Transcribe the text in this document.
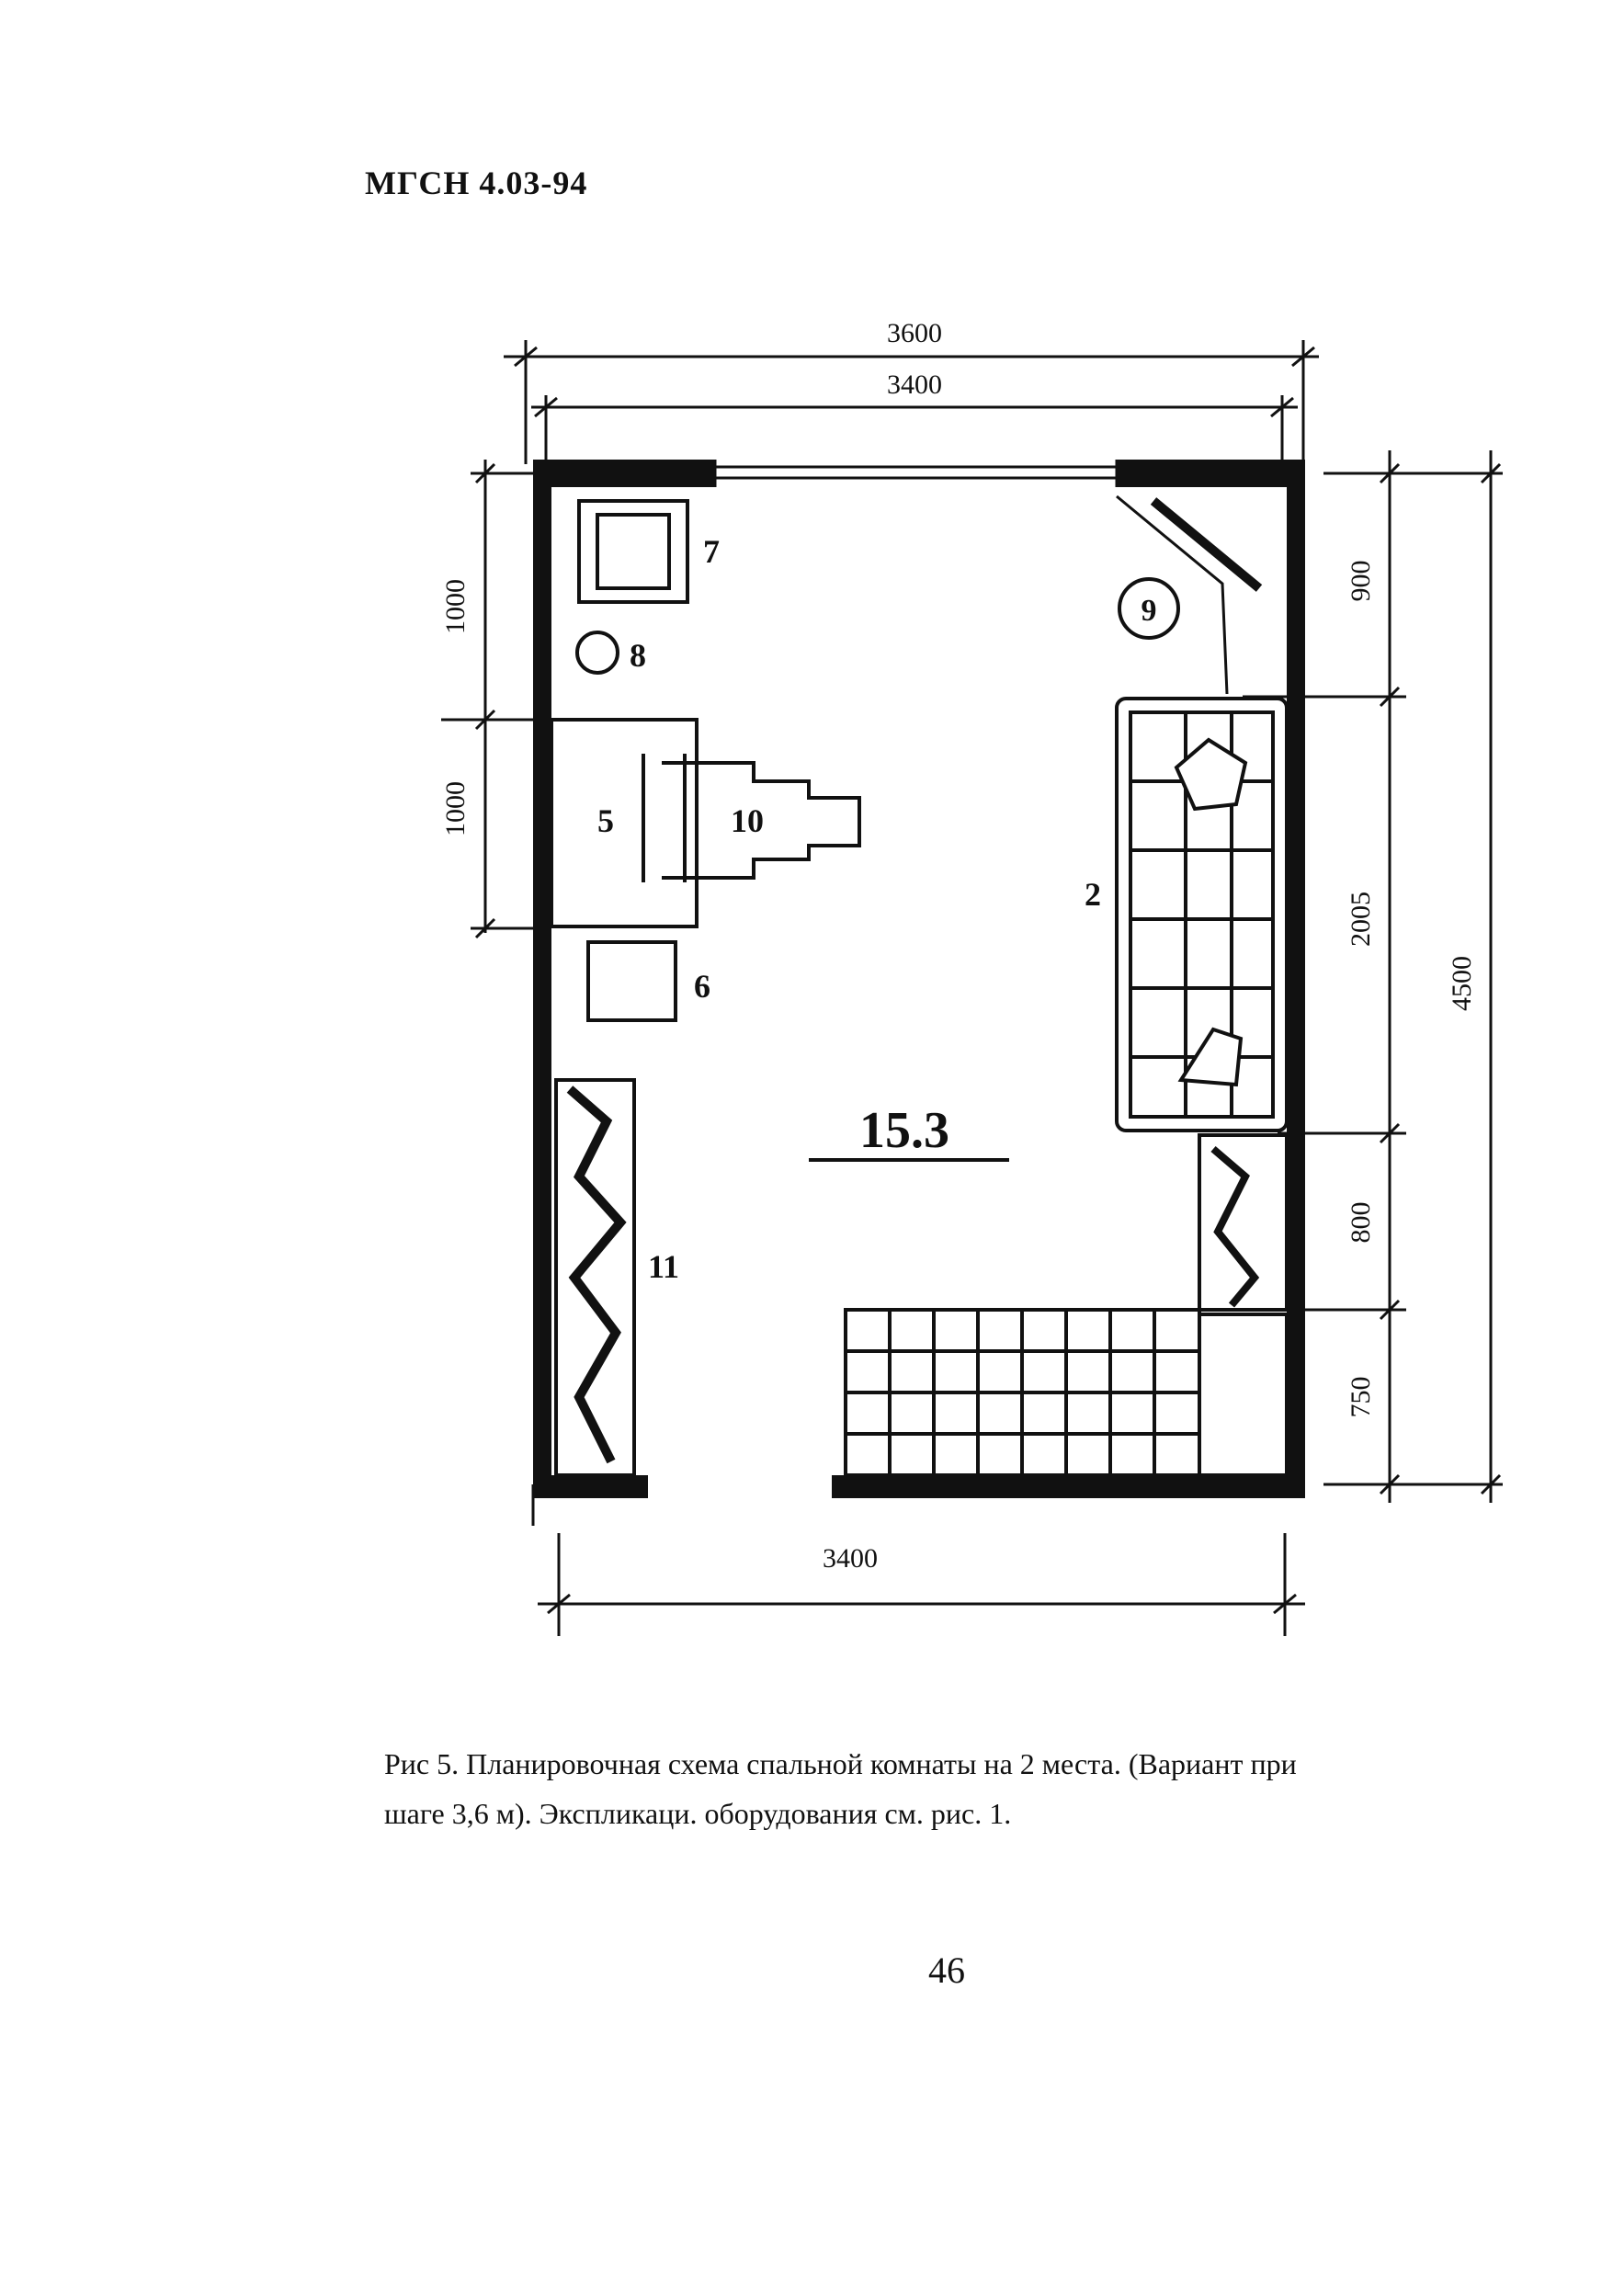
МГСН 4.03-94
3600
3400
3400
1000
1000
900
2005
800
750
4500
2
5
6
7
8
9
10
11
15.3
Рис 5. Планировочная схема спальной комнаты на 2 места. (Вариант при
шаге 3,6 м). Экспликаци. оборудования см. рис. 1.
46
